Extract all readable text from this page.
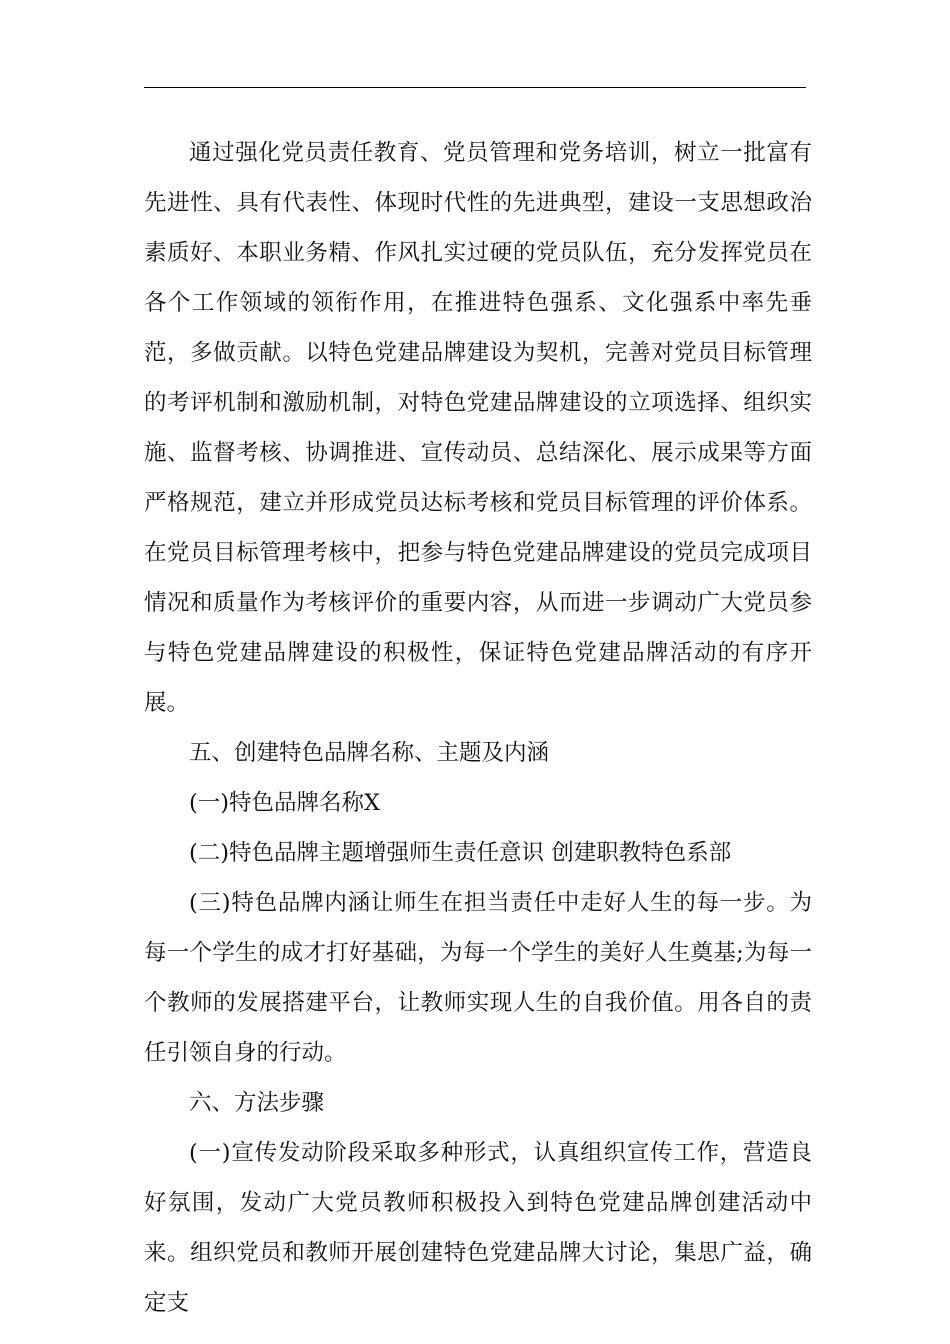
通过强化党员责任教育、党员管理和党务培训，树立一批富有先进性、具有代表性、体现时代性的先进典型，建设一支思想政治素质好、本职业务精、作风扎实过硬的党员队伍，充分发挥党员在各个工作领域的领衔作用，在推进特色强系、文化强系中率先垂范，多做贡献。以特色党建品牌建设为契机，完善对党员目标管理的考评机制和激励机制，对特色党建品牌建设的立项选择、组织实施、监督考核、协调推进、宣传动员、总结深化、展示成果等方面严格规范，建立并形成党员达标考核和党员目标管理的评价体系。在党员目标管理考核中，把参与特色党建品牌建设的党员完成项目情况和质量作为考核评价的重要内容，从而进一步调动广大党员参与特色党建品牌建设的积极性，保证特色党建品牌活动的有序开展。

五、创建特色品牌名称、主题及内涵

(一)特色品牌名称X

(二)特色品牌主题增强师生责任意识 创建职教特色系部

(三)特色品牌内涵让师生在担当责任中走好人生的每一步。为每一个学生的成才打好基础，为每一个学生的美好人生奠基;为每一个教师的发展搭建平台，让教师实现人生的自我价值。用各自的责任引领自身的行动。

六、方法步骤

(一)宣传发动阶段采取多种形式，认真组织宣传工作，营造良好氛围，发动广大党员教师积极投入到特色党建品牌创建活动中来。组织党员和教师开展创建特色党建品牌大讨论，集思广益，确定支
